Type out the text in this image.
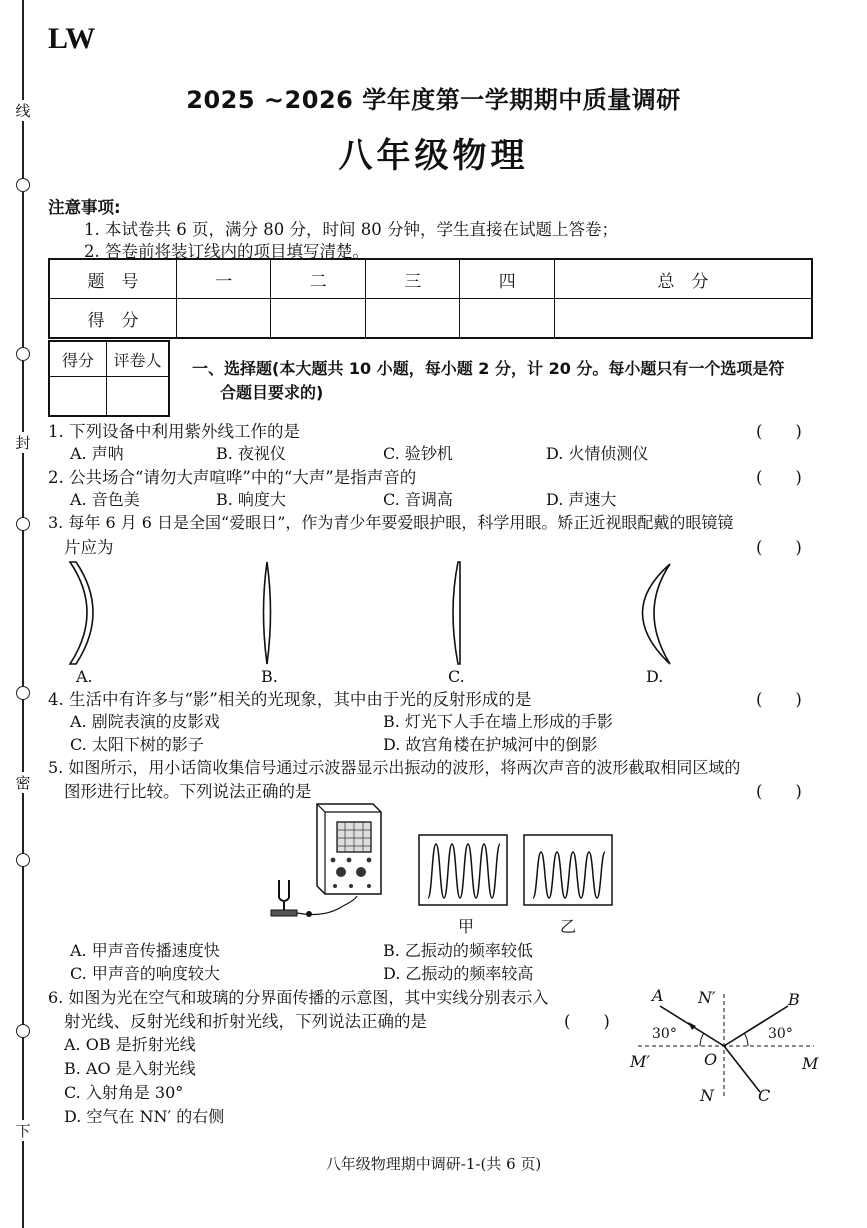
线
封
密
下
LW
2025 ~2026 学年度第一学期期中质量调研
八年级物理
注意事项:
1. 本试卷共 6 页，满分 80 分，时间 80 分钟，学生直接在试题上答卷；
2. 答卷前将装订线内的项目填写清楚。
题　号	一	二	三	四	总　分
得　分					
得分	评卷人
	一、选择题(本大题共 10 小题，每小题 2 分，计 20 分。每小题只有一个选项是符
合题目要求的)
1. 下列设备中利用紫外线工作的是	(　　)
A. 声呐	B. 夜视仪	C. 验钞机	D. 火情侦测仪
2. 公共场合“请勿大声喧哗”中的“大声”是指声音的	(　　)
A. 音色美	B. 响度大	C. 音调高	D. 声速大
3. 每年 6 月 6 日是全国“爱眼日”，作为青少年要爱眼护眼，科学用眼。矫正近视眼配戴的眼镜镜
片应为	(　　)
A.	B.	C.	D.
4. 生活中有许多与“影”相关的光现象，其中由于光的反射形成的是	(　　)
A. 剧院表演的皮影戏	B. 灯光下人手在墙上形成的手影
C. 太阳下树的影子	D. 故宫角楼在护城河中的倒影
5. 如图所示，用小话筒收集信号通过示波器显示出振动的波形，将两次声音的波形截取相同区域的
图形进行比较。下列说法正确的是	(　　)
甲	乙
A. 甲声音传播速度快	B. 乙振动的频率较低
C. 甲声音的响度较大	D. 乙振动的频率较高
6. 如图为光在空气和玻璃的分界面传播的示意图，其中实线分别表示入
射光线、反射光线和折射光线，下列说法正确的是	(　　)
A. OB 是折射光线
B. AO 是入射光线
C. 入射角是 30°
D. 空气在 NN′ 的右侧
A N′	B
30°	30°
M′	O	M
N	C
八年级物理期中调研-1-(共 6 页)
